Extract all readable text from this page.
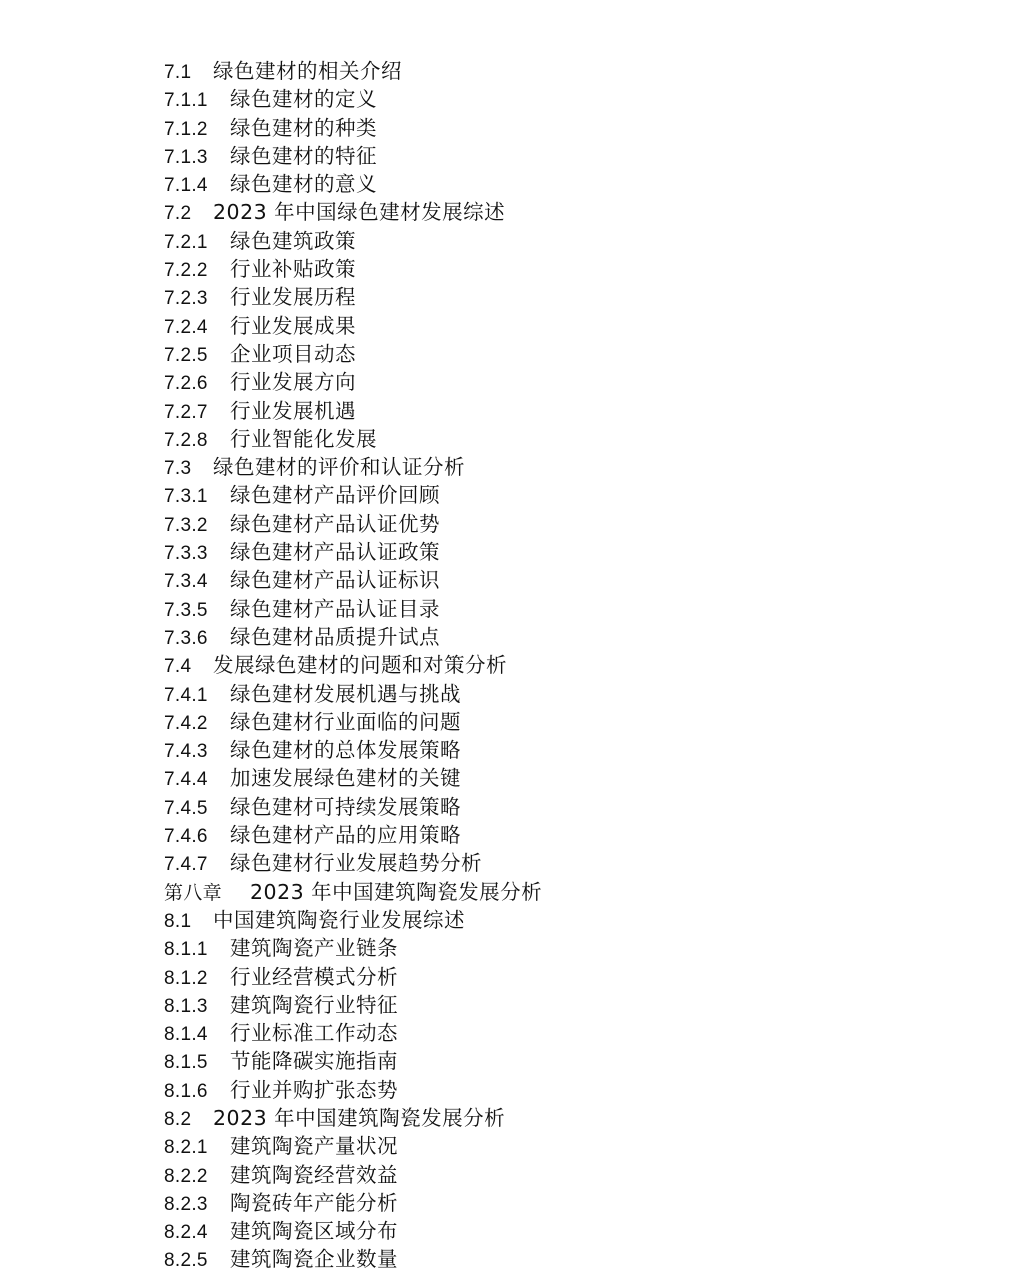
7.1 绿色建材的相关介绍
7.1.1 绿色建材的定义
7.1.2 绿色建材的种类
7.1.3 绿色建材的特征
7.1.4 绿色建材的意义
7.2 2023 年中国绿色建材发展综述
7.2.1 绿色建筑政策
7.2.2 行业补贴政策
7.2.3 行业发展历程
7.2.4 行业发展成果
7.2.5 企业项目动态
7.2.6 行业发展方向
7.2.7 行业发展机遇
7.2.8 行业智能化发展
7.3 绿色建材的评价和认证分析
7.3.1 绿色建材产品评价回顾
7.3.2 绿色建材产品认证优势
7.3.3 绿色建材产品认证政策
7.3.4 绿色建材产品认证标识
7.3.5 绿色建材产品认证目录
7.3.6 绿色建材品质提升试点
7.4 发展绿色建材的问题和对策分析
7.4.1 绿色建材发展机遇与挑战
7.4.2 绿色建材行业面临的问题
7.4.3 绿色建材的总体发展策略
7.4.4 加速发展绿色建材的关键
7.4.5 绿色建材可持续发展策略
7.4.6 绿色建材产品的应用策略
7.4.7 绿色建材行业发展趋势分析
第八章 2023 年中国建筑陶瓷发展分析
8.1 中国建筑陶瓷行业发展综述
8.1.1 建筑陶瓷产业链条
8.1.2 行业经营模式分析
8.1.3 建筑陶瓷行业特征
8.1.4 行业标准工作动态
8.1.5 节能降碳实施指南
8.1.6 行业并购扩张态势
8.2 2023 年中国建筑陶瓷发展分析
8.2.1 建筑陶瓷产量状况
8.2.2 建筑陶瓷经营效益
8.2.3 陶瓷砖年产能分析
8.2.4 建筑陶瓷区域分布
8.2.5 建筑陶瓷企业数量
